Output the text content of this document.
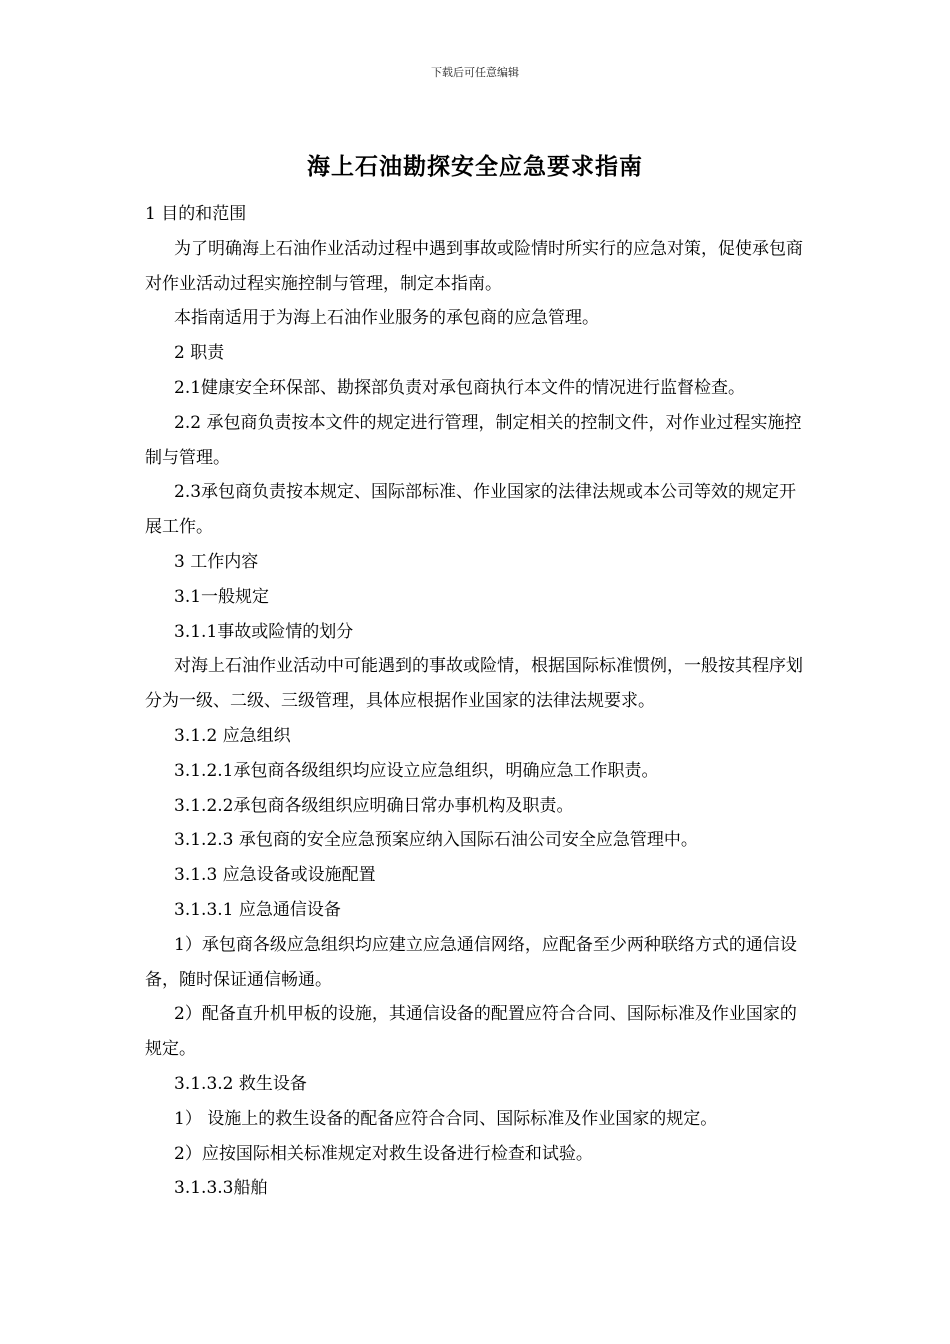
下载后可任意编辑
海上石油勘探安全应急要求指南

1 目的和范围

为了明确海上石油作业活动过程中遇到事故或险情时所实行的应急对策，促使承包商对作业活动过程实施控制与管理，制定本指南。

本指南适用于为海上石油作业服务的承包商的应急管理。

2 职责

2.1健康安全环保部、勘探部负责对承包商执行本文件的情况进行监督检查。

2.2 承包商负责按本文件的规定进行管理，制定相关的控制文件，对作业过程实施控制与管理。

2.3承包商负责按本规定、国际部标准、作业国家的法律法规或本公司等效的规定开展工作。

3 工作内容

3.1一般规定

3.1.1事故或险情的划分

对海上石油作业活动中可能遇到的事故或险情，根据国际标准惯例，一般按其程序划分为一级、二级、三级管理，具体应根据作业国家的法律法规要求。

3.1.2 应急组织

3.1.2.1承包商各级组织均应设立应急组织，明确应急工作职责。

3.1.2.2承包商各级组织应明确日常办事机构及职责。

3.1.2.3 承包商的安全应急预案应纳入国际石油公司安全应急管理中。

3.1.3 应急设备或设施配置

3.1.3.1 应急通信设备

1）承包商各级应急组织均应建立应急通信网络，应配备至少两种联络方式的通信设备，随时保证通信畅通。

2）配备直升机甲板的设施，其通信设备的配置应符合合同、国际标准及作业国家的规定。

3.1.3.2 救生设备

1） 设施上的救生设备的配备应符合合同、国际标准及作业国家的规定。

2）应按国际相关标准规定对救生设备进行检查和试验。

3.1.3.3船舶
